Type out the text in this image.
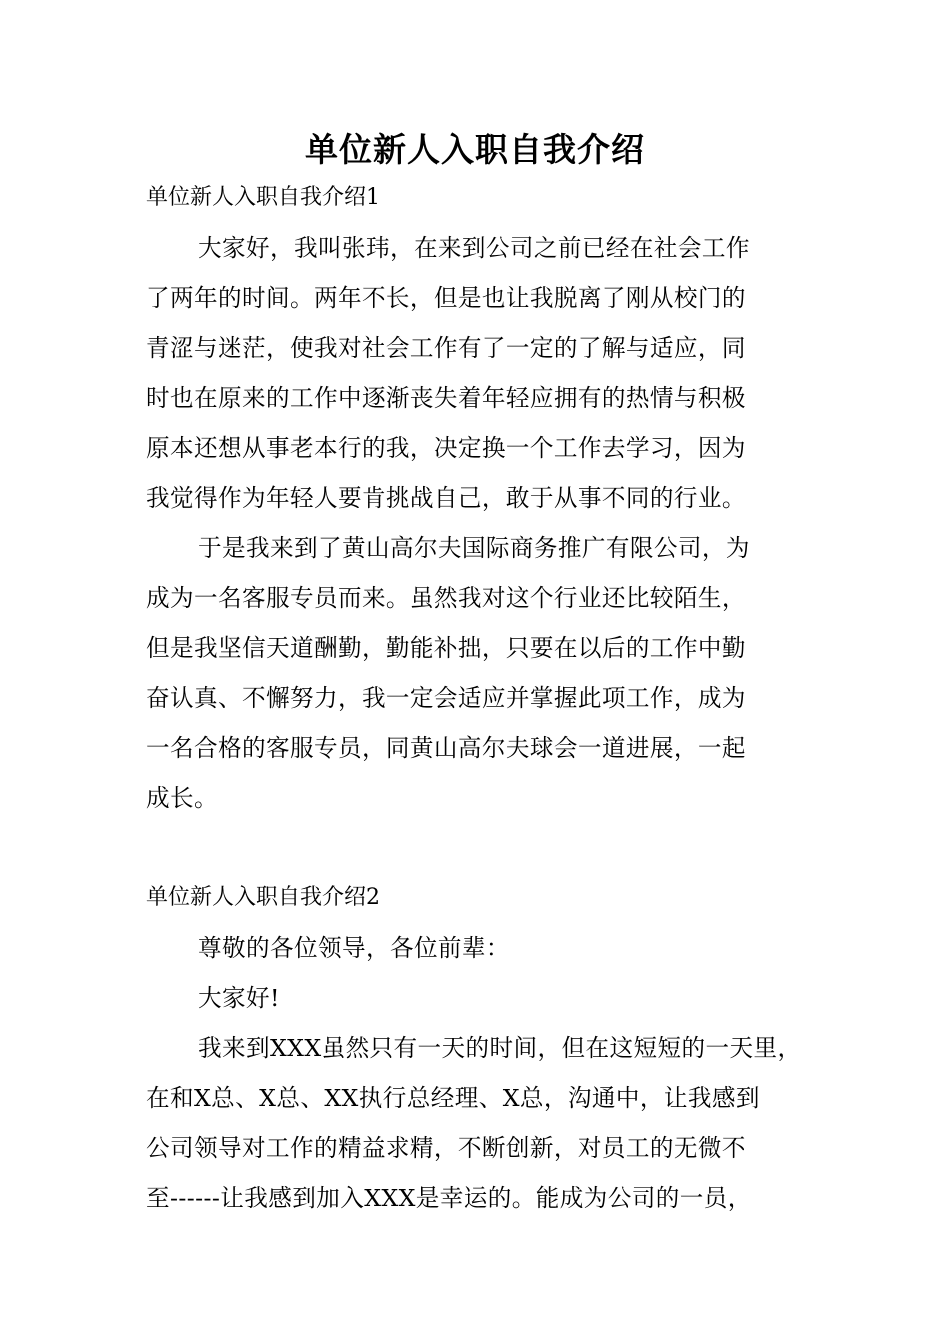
单位新人入职自我介绍
单位新人入职自我介绍1

大家好，我叫张玮，在来到公司之前已经在社会工作

了两年的时间。两年不长，但是也让我脱离了刚从校门的

青涩与迷茫，使我对社会工作有了一定的了解与适应，同

时也在原来的工作中逐渐丧失着年轻应拥有的热情与积极

原本还想从事老本行的我，决定换一个工作去学习，因为

我觉得作为年轻人要肯挑战自己，敢于从事不同的行业。

于是我来到了黄山高尔夫国际商务推广有限公司，为

成为一名客服专员而来。虽然我对这个行业还比较陌生，

但是我坚信天道酬勤，勤能补拙，只要在以后的工作中勤

奋认真、不懈努力，我一定会适应并掌握此项工作，成为

一名合格的客服专员，同黄山高尔夫球会一道进展，一起

成长。

单位新人入职自我介绍2

尊敬的各位领导，各位前辈：

大家好!

我来到XXX虽然只有一天的时间，但在这短短的一天里，

在和X总、X总、XX执行总经理、X总，沟通中，让我感到

公司领导对工作的精益求精，不断创新，对员工的无微不

至------让我感到加入XXX是幸运的。能成为公司的一员，
